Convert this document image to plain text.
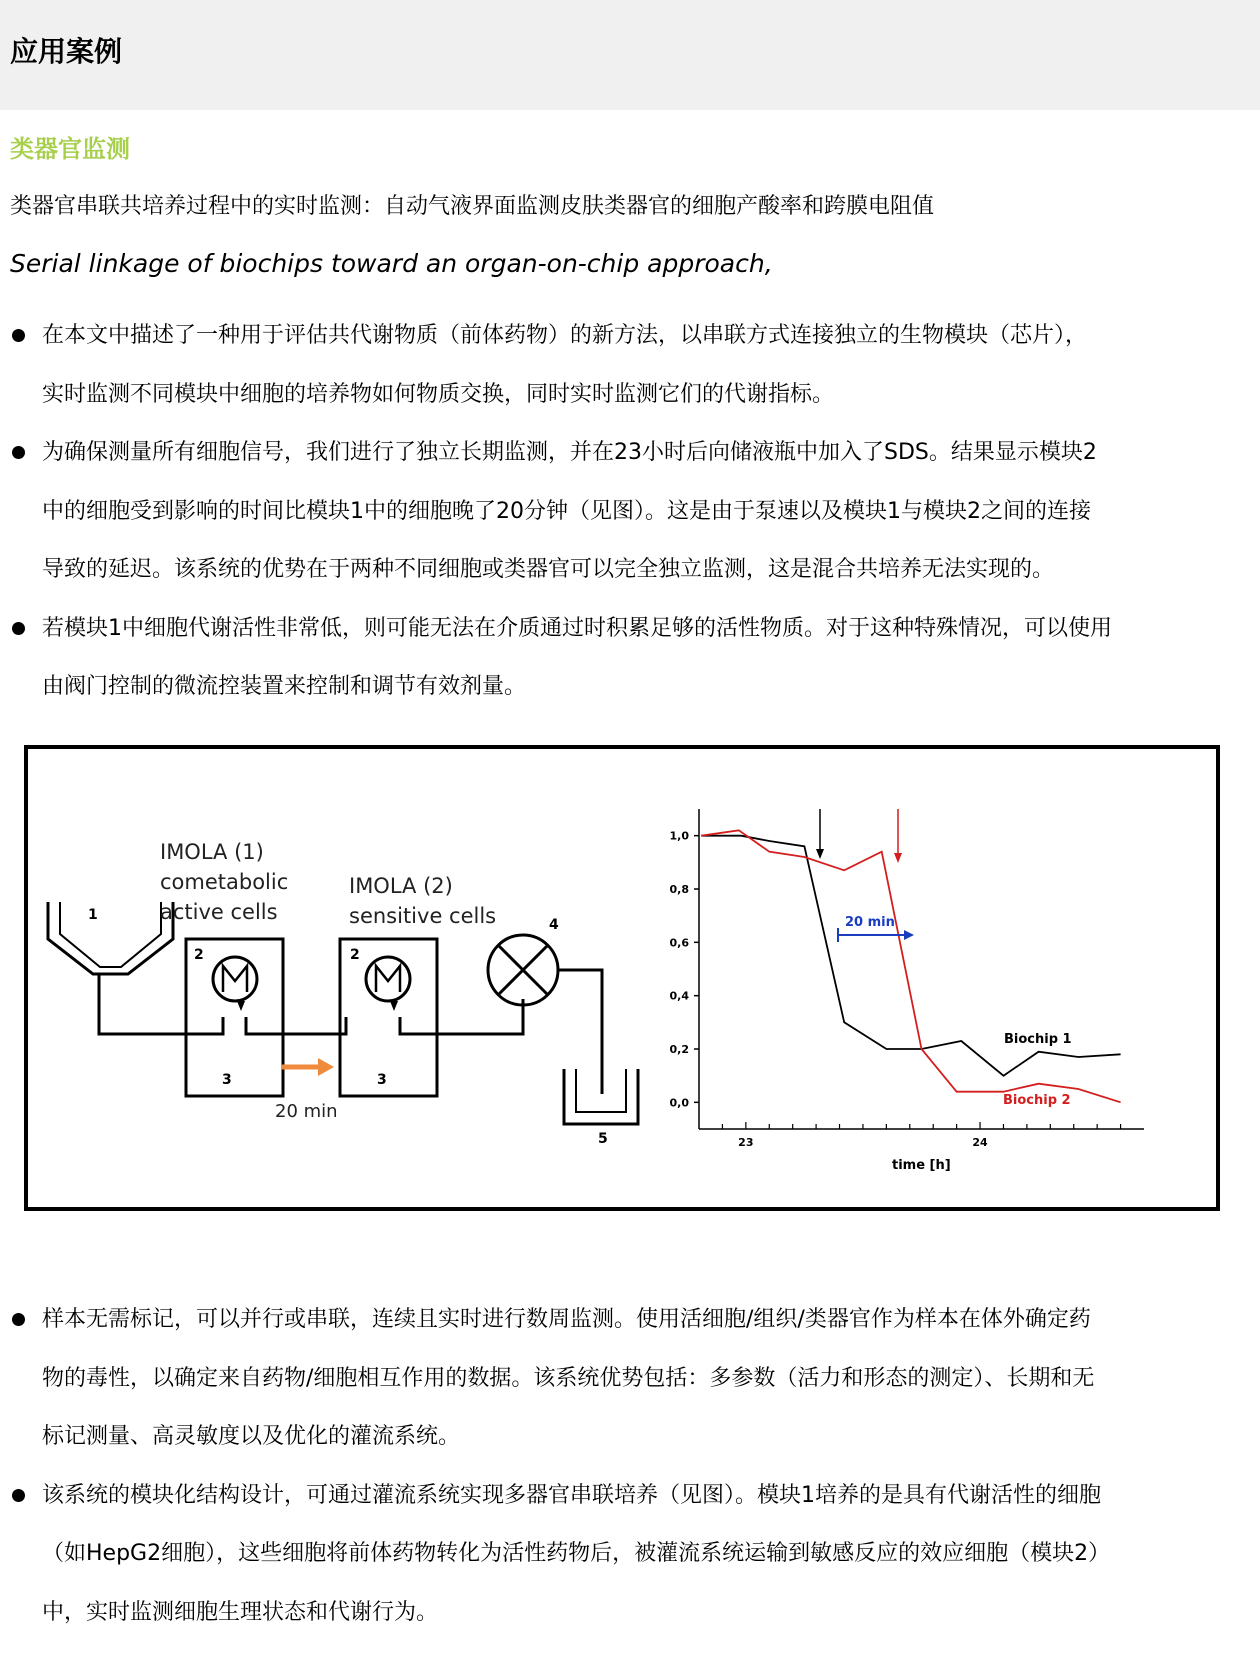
应用案例
类器官监测
类器官串联共培养过程中的实时监测：自动气液界面监测皮肤类器官的细胞产酸率和跨膜电阻值
Serial linkage of biochips toward an organ-on-chip approach,
在本文中描述了一种用于评估共代谢物质（前体药物）的新方法，以串联方式连接独立的生物模块（芯片），
实时监测不同模块中细胞的培养物如何物质交换，同时实时监测它们的代谢指标。
为确保测量所有细胞信号，我们进行了独立长期监测，并在23小时后向储液瓶中加入了SDS。结果显示模块2
中的细胞受到影响的时间比模块1中的细胞晚了20分钟（见图）。这是由于泵速以及模块1与模块2之间的连接
导致的延迟。该系统的优势在于两种不同细胞或类器官可以完全独立监测，这是混合共培养无法实现的。
若模块1中细胞代谢活性非常低，则可能无法在介质通过时积累足够的活性物质。对于这种特殊情况，可以使用
由阀门控制的微流控装置来控制和调节有效剂量。
IMOLA (1)
cometabolic
active cells
IMOLA (2)
sensitive cells
20 min
1
2
3
2
3
4
5
1,0
0,8
0,6
0,4
0,2
0,0
23	24
20 min
Biochip 1
Biochip 2
time [h]
样本无需标记，可以并行或串联，连续且实时进行数周监测。使用活细胞/组织/类器官作为样本在体外确定药
物的毒性，以确定来自药物/细胞相互作用的数据。该系统优势包括：多参数（活力和形态的测定）、长期和无
标记测量、高灵敏度以及优化的灌流系统。
该系统的模块化结构设计，可通过灌流系统实现多器官串联培养（见图）。模块1培养的是具有代谢活性的细胞
（如HepG2细胞），这些细胞将前体药物转化为活性药物后，被灌流系统运输到敏感反应的效应细胞（模块2）
中，实时监测细胞生理状态和代谢行为。
